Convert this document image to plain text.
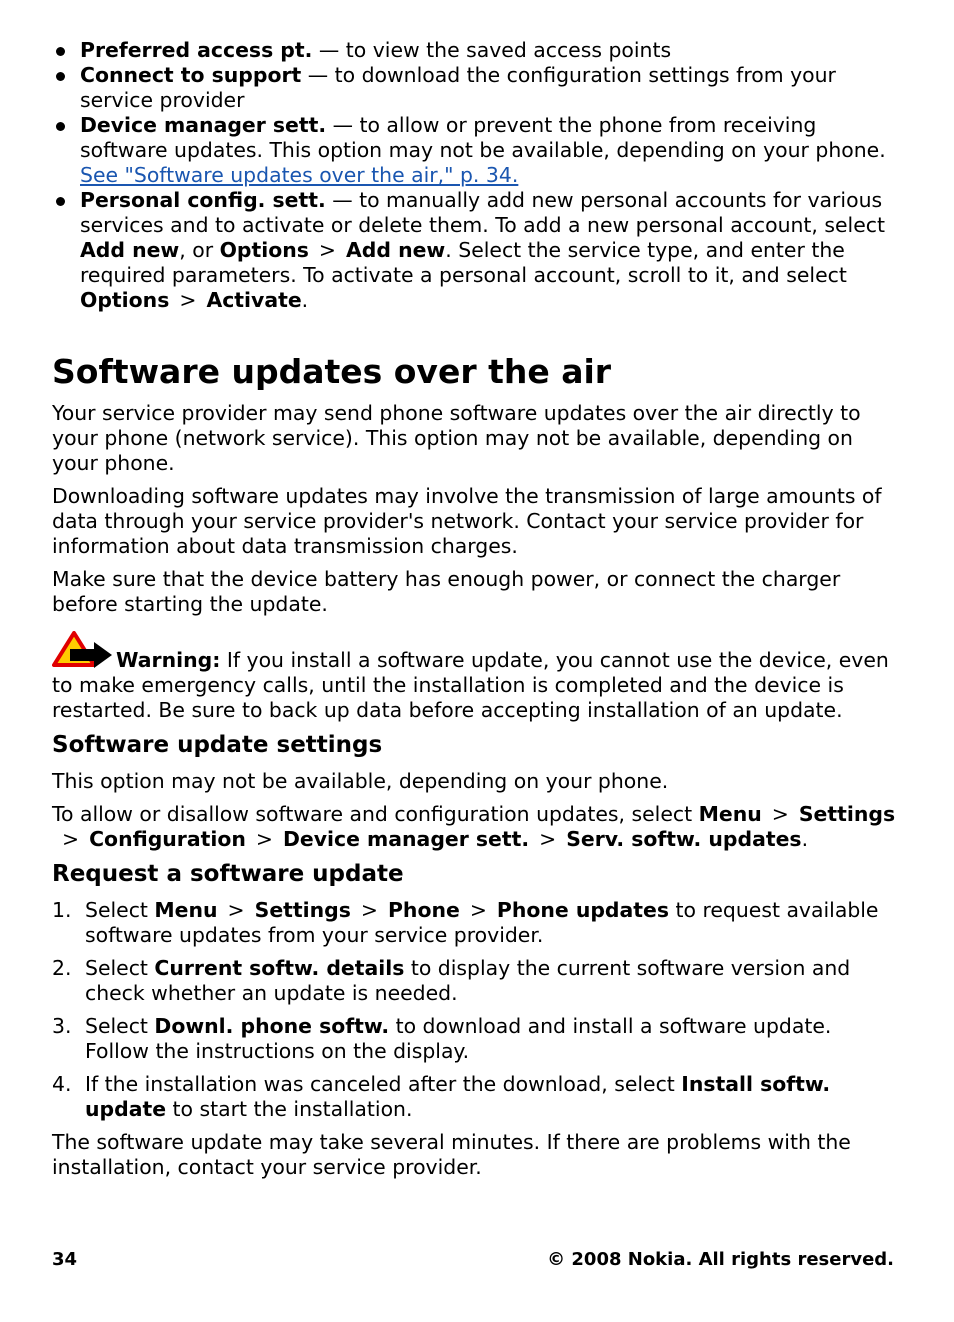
Preferred access pt. — to view the saved access points
Connect to support — to download the configuration settings from your service provider
Device manager sett. — to allow or prevent the phone from receiving software updates. This option may not be available, depending on your phone. See "Software updates over the air," p. 34.
Personal config. sett. — to manually add new personal accounts for various services and to activate or delete them. To add a new personal account, select Add new, or Options > Add new. Select the service type, and enter the required parameters. To activate a personal account, scroll to it, and select Options > Activate.
Software updates over the air

Your service provider may send phone software updates over the air directly to your phone (network service). This option may not be available, depending on your phone.

Downloading software updates may involve the transmission of large amounts of data through your service provider's network. Contact your service provider for information about data transmission charges.

Make sure that the device battery has enough power, or connect the charger before starting the update.

Warning: If you install a software update, you cannot use the device, even to make emergency calls, until the installation is completed and the device is restarted. Be sure to back up data before accepting installation of an update.

Software update settings

This option may not be available, depending on your phone.

To allow or disallow software and configuration updates, select Menu > Settings> Configuration > Device manager sett. > Serv. softw. updates.

Request a software update
1. Select Menu > Settings > Phone > Phone updates to request available software updates from your service provider.
2. Select Current softw. details to display the current software version and check whether an update is needed.
3. Select Downl. phone softw. to download and install a software update. Follow the instructions on the display.
4. If the installation was canceled after the download, select Install softw. update to start the installation.

The software update may take several minutes. If there are problems with the installation, contact your service provider.

34	© 2008 Nokia. All rights reserved.
